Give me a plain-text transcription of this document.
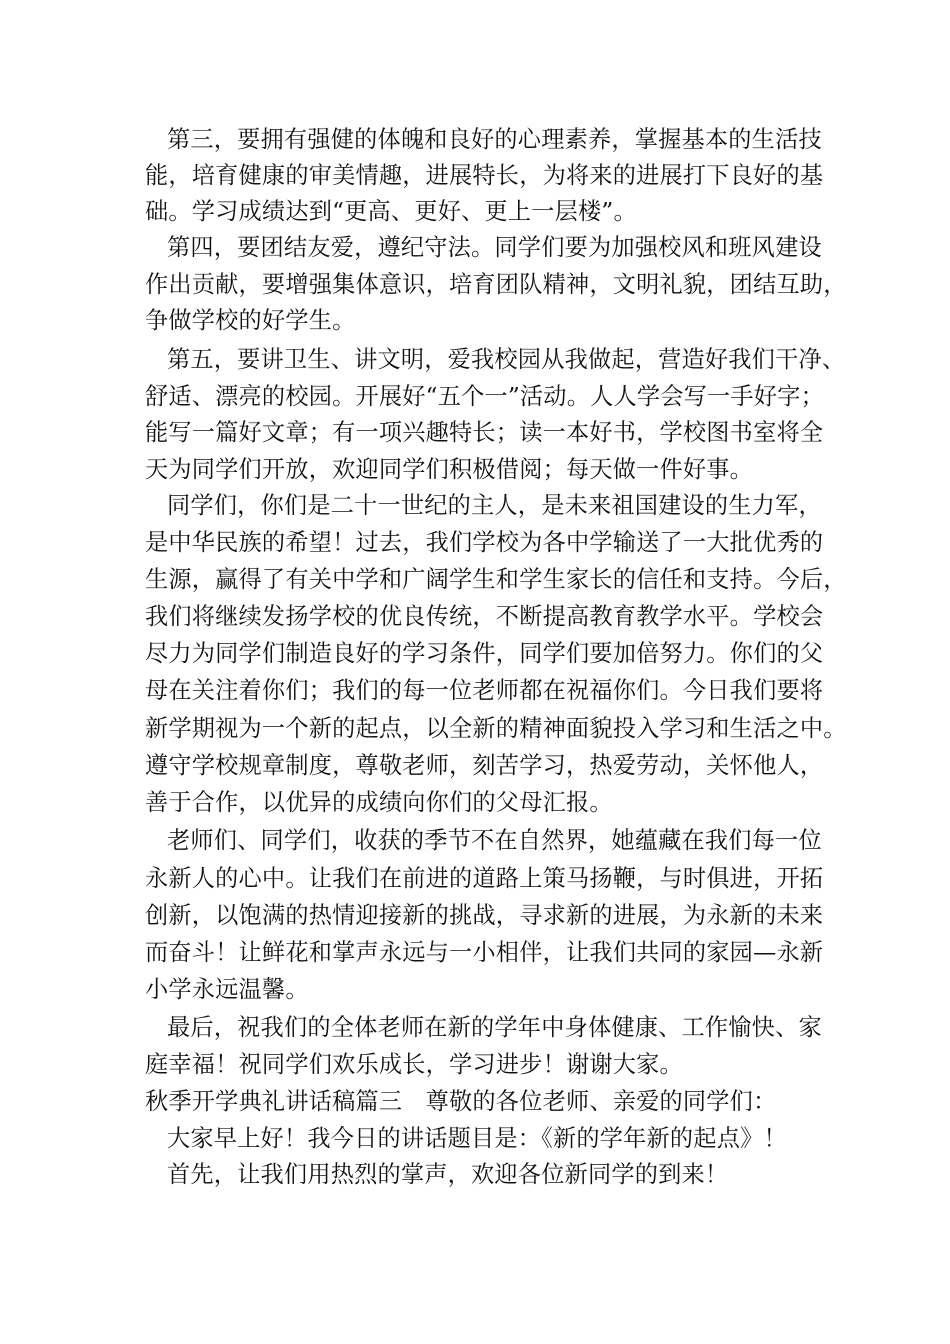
第三，要拥有强健的体魄和良好的心理素养，掌握基本的生活技
能，培育健康的审美情趣，进展特长，为将来的进展打下良好的基
础。学习成绩达到“更高、更好、更上一层楼”。
第四，要团结友爱，遵纪守法。同学们要为加强校风和班风建设
作出贡献，要增强集体意识，培育团队精神，文明礼貌，团结互助，
争做学校的好学生。
第五，要讲卫生、讲文明，爱我校园从我做起，营造好我们干净、
舒适、漂亮的校园。开展好“五个一”活动。人人学会写一手好字；
能写一篇好文章；有一项兴趣特长；读一本好书，学校图书室将全
天为同学们开放，欢迎同学们积极借阅；每天做一件好事。
同学们，你们是二十一世纪的主人，是未来祖国建设的生力军，
是中华民族的希望！过去，我们学校为各中学输送了一大批优秀的
生源，赢得了有关中学和广阔学生和学生家长的信任和支持。今后，
我们将继续发扬学校的优良传统，不断提高教育教学水平。学校会
尽力为同学们制造良好的学习条件，同学们要加倍努力。你们的父
母在关注着你们；我们的每一位老师都在祝福你们。今日我们要将
新学期视为一个新的起点，以全新的精神面貌投入学习和生活之中。
遵守学校规章制度，尊敬老师，刻苦学习，热爱劳动，关怀他人，
善于合作，以优异的成绩向你们的父母汇报。
老师们、同学们，收获的季节不在自然界，她蕴藏在我们每一位
永新人的心中。让我们在前进的道路上策马扬鞭，与时俱进，开拓
创新，以饱满的热情迎接新的挑战，寻求新的进展，为永新的未来
而奋斗！让鲜花和掌声永远与一小相伴，让我们共同的家园—永新
小学永远温馨。
最后，祝我们的全体老师在新的学年中身体健康、工作愉快、家
庭幸福！祝同学们欢乐成长，学习进步！谢谢大家。
秋季开学典礼讲话稿篇三　尊敬的各位老师、亲爱的同学们：
大家早上好！我今日的讲话题目是：《新的学年新的起点》！
首先，让我们用热烈的掌声，欢迎各位新同学的到来！
